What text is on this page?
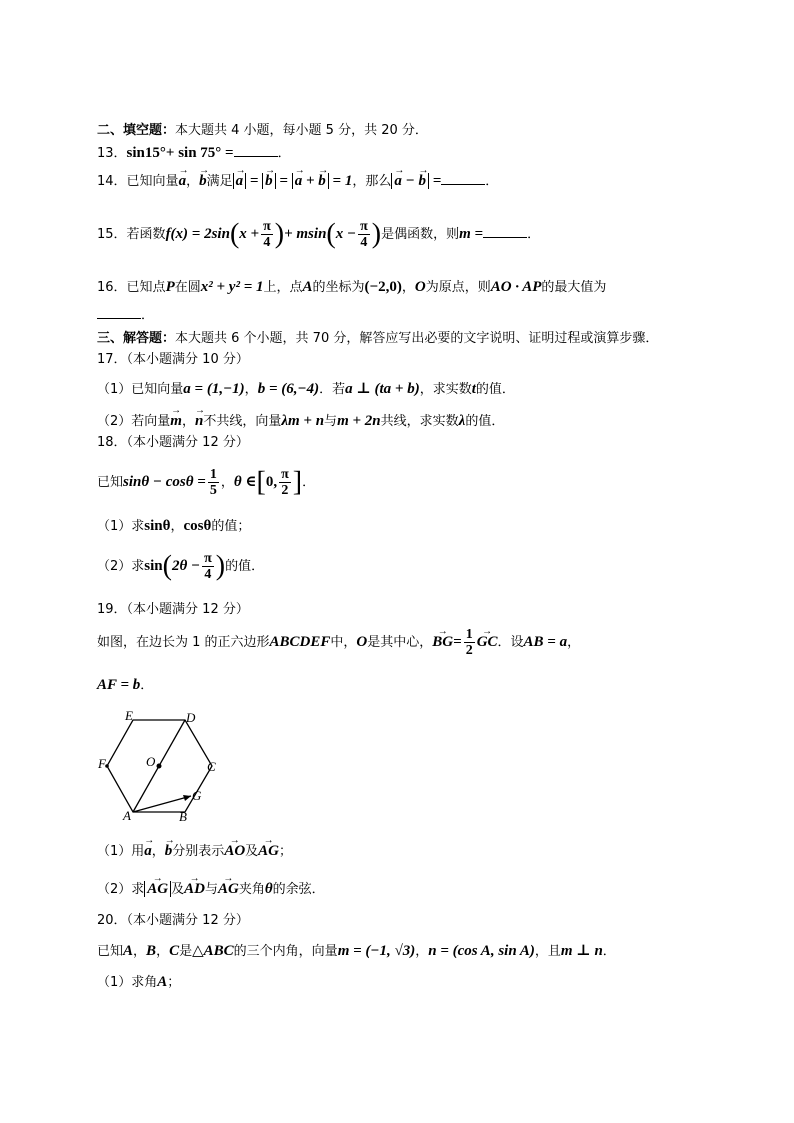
二、填空题：本大题共 4 小题，每小题 5 分，共 20 分．
13．sin15°+ sin 75° =	．
14．已知向量→ a，→ b满足 → a = → b = → a + → b = 1，那么 → a − → b =	．
15．若函数$f(x) = 2\sin(x + \frac{\pi}{4}$ )+ $msin(x - \frac{\pi}{4}$ )是偶函数，则m =	．
16．已知点P在圆x² + y² = 1上，点A的坐标为(−2,0)，O为原点，则AO · AP的最大值为
．
三、解答题：本大题共 6 个小题，共 70 分，解答应写出必要的文字说明、证明过程或演算步骤．
17．（本小题满分 10 分）
（1）已知向量a = (1,−1)，b = (6,−4)．若a ⊥ (ta + b)，求实数t的值．
（2）若向量→ m，→ n不共线，向量λm + n与m + 2n共线，求实数λ的值．
18．（本小题满分 12 分）
已知$\sin\theta - \cos\theta = \frac{1}{5}$ ，θ ∈[0, $\frac{\pi}{2}$ ]．
（1）求sinθ，cosθ的值；
（2）求$\sin(2\theta - \frac{\pi}{4}$ )的值．
19．（本小题满分 12 分）
如图，在边长为 1 的正六边形ABCDEF中，O是其中心，→ $BG= \frac{1}{2}$ → GC．设AB = a，
AF = b．
E	D
F	O	C
A	B
G
（1）用→ a，→ b分别表示→ AO及→ AG；
（2）求 → AG 及→ AD与→ AG夹角θ的余弦．
20．（本小题满分 12 分）
已知A，B，C是△ABC的三个内角，向量m = (−1, √3)，n = (cos A, sin A)，且m ⊥ n．
（1）求角A；
